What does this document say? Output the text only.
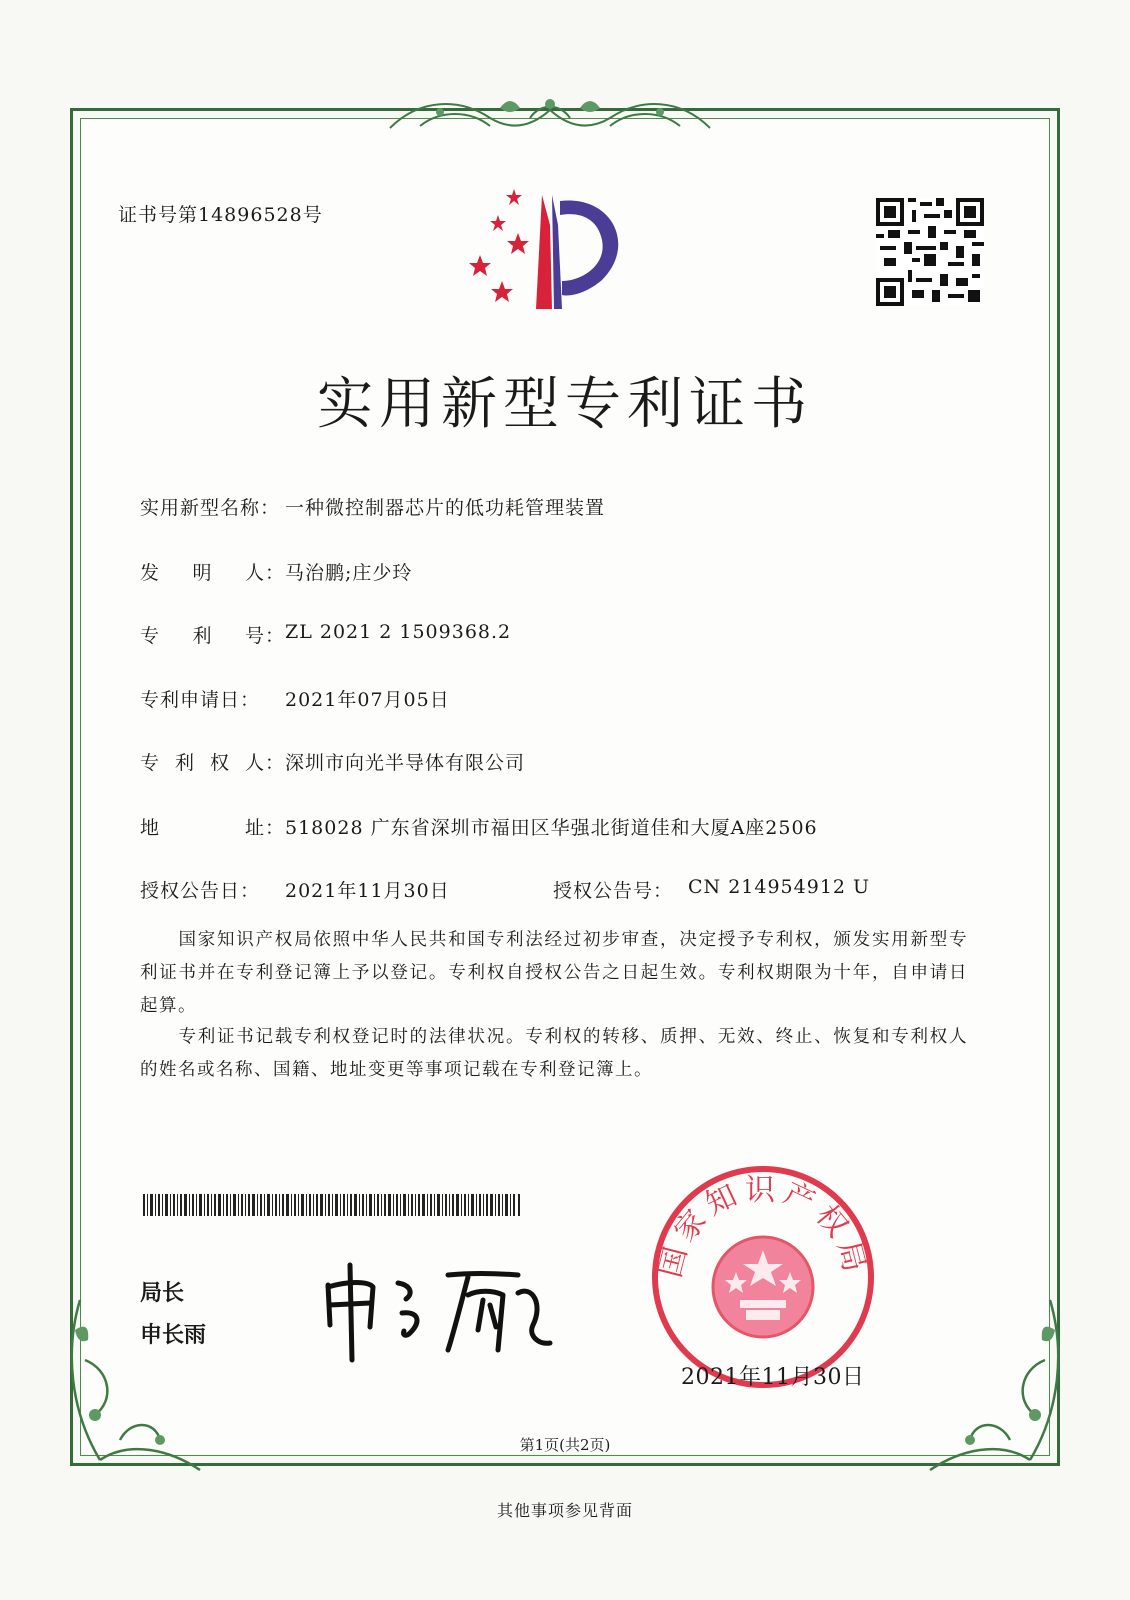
证书号第14896528号
实用新型专利证书
实用新型名称： 一种微控制器芯片的低功耗管理装置
发 明 人 ： 马治鹏;庄少玲
专 利 号 ： ZL 2021 2 1509368.2
专利申请日：	2021年07月05日
专 利 权 人 ： 深圳市向光半导体有限公司
地	址 ： 518028 广东省深圳市福田区华强北街道佳和大厦A座2506
授权公告日：	2021年11月30日	授权公告号： CN 214954912 U

国家知识产权局依照中华人民共和国专利法经过初步审查，决定授予专利权，颁发实用新型专利证书并在专利登记簿上予以登记。专利权自授权公告之日起生效。专利权期限为十年，自申请日起算。

专利证书记载专利权登记时的法律状况。专利权的转移、质押、无效、终止、恢复和专利权人的姓名或名称、国籍、地址变更等事项记载在专利登记簿上。

局长
申长雨
国家知识产权局
2021年11月30日
第1页(共2页)
其他事项参见背面
